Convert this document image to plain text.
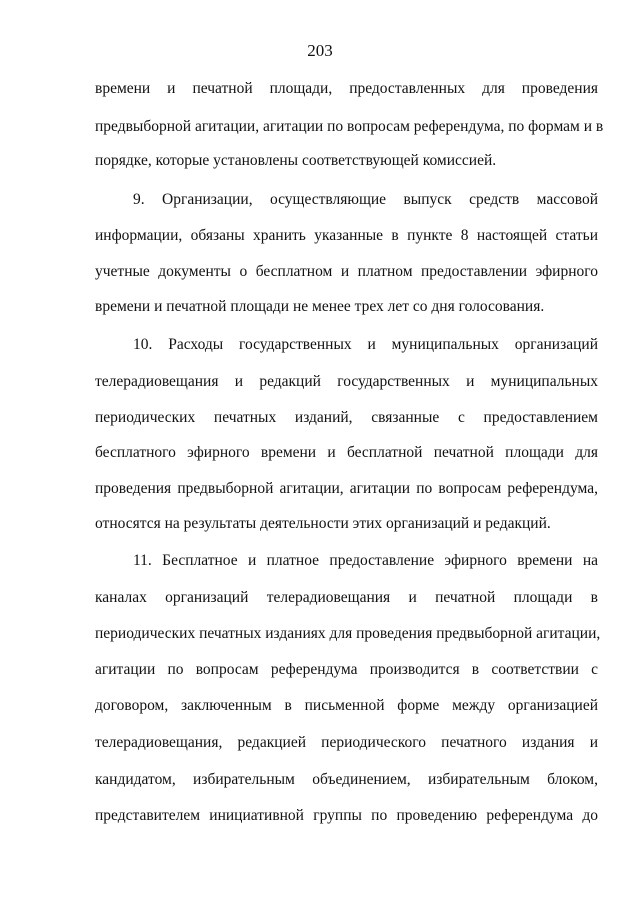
203
времени и печатной площади, предоставленных для проведения
предвыборной агитации, агитации по вопросам референдума, по формам и в
порядке, которые установлены соответствующей комиссией.
9. Организации, осуществляющие выпуск средств массовой
информации, обязаны хранить указанные в пункте 8 настоящей статьи
учетные документы о бесплатном и платном предоставлении эфирного
времени и печатной площади не менее трех лет со дня голосования.
10. Расходы государственных и муниципальных организаций
телерадиовещания и редакций государственных и муниципальных
периодических печатных изданий, связанные с предоставлением
бесплатного эфирного времени и бесплатной печатной площади для
проведения предвыборной агитации, агитации по вопросам референдума,
относятся на результаты деятельности этих организаций и редакций.
11. Бесплатное и платное предоставление эфирного времени на
каналах организаций телерадиовещания и печатной площади в
периодических печатных изданиях для проведения предвыборной агитации,
агитации по вопросам референдума производится в соответствии с
договором, заключенным в письменной форме между организацией
телерадиовещания, редакцией периодического печатного издания и
кандидатом, избирательным объединением, избирательным блоком,
представителем инициативной группы по проведению референдума до
